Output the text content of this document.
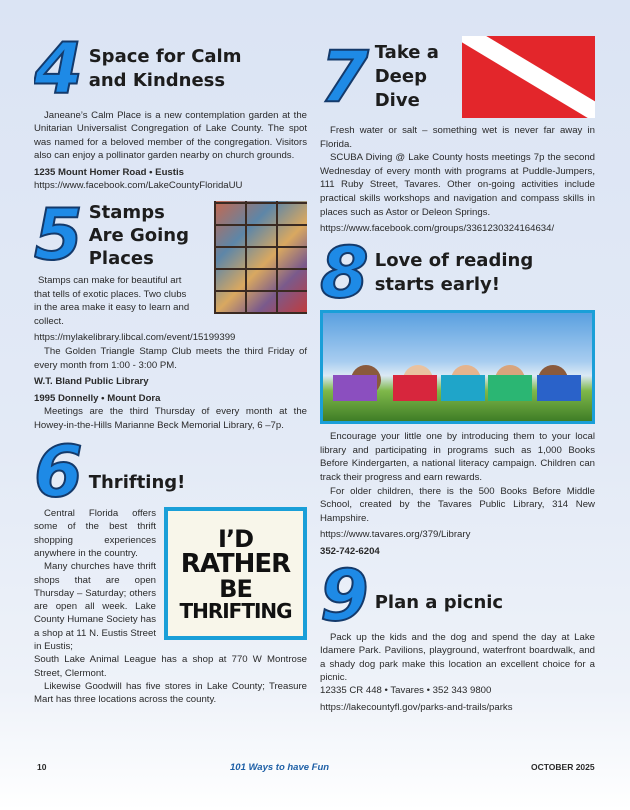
4 Space for Calm
and Kindness

Janeane’s Calm Place is a new contemplation garden at the Unitarian Universalist Congregation of Lake County. The spot was named for a beloved member of the congregation. Visitors also can enjoy a pollinator garden nearby on church grounds.

1235 Mount Homer Road • Eustis

https://www.facebook.com/LakeCountyFloridaUU

5 Stamps
Are Going
Places

Stamps can make for beautiful art

that tells of exotic places. Two clubs

in the area make it easy to learn and collect.

https://mylakelibrary.libcal.com/event/15199399

The Golden Triangle Stamp Club meets the third Friday of every month from 1:00 - 3:00 PM.

W.T. Bland Public Library

1995 Donnelly • Mount Dora

Meetings are the third Thursday of every month at the Howey-in-the-Hills Marianne Beck Memorial Library, 6 –7p.

6 Thrifting!
I’D
RATHER
BE
THRIFTING

Central Florida offers some of the best thrift shopping experiences anywhere in the country.

Many churches have thrift shops that are open Thursday – Saturday; others are open all week. Lake County Humane Society has a shop at 11 N. Eustis Street in Eustis;

South Lake Animal League has a shop at 770 W Montrose Street, Clermont.

Likewise Goodwill has five stores in Lake County; Treasure Mart has three locations across the county.

7 Take a
Deep Dive

Fresh water or salt – something wet is never far away in Florida.

SCUBA Diving @ Lake County hosts meetings 7p the second Wednesday of every month with programs at Puddle-Jumpers, 111 Ruby Street, Tavares. Other on-going activities include practical skills workshops and navigation and compass skills in places such as Astor or Deleon Springs.

https://www.facebook.com/groups/3361230324164634/

8 Love of reading
starts early!

Encourage your little one by introducing them to your local library and participating in programs such as 1,000 Books Before Kindergarten, a national literacy campaign. Children can track their progress and earn rewards.

For older children, there is the 500 Books Before Middle School, created by the Tavares Public Library, 314 New Hampshire.

https://www.tavares.org/379/Library

352-742-6204

9 Plan a picnic

Pack up the kids and the dog and spend the day at Lake Idamere Park. Pavilions, playground, waterfront boardwalk, and a shady dog park make this location an excellent choice for a picnic.

12335 CR 448 • Tavares • 352 343 9800

https://lakecountyfl.gov/parks-and-trails/parks

10	101 Ways to have Fun	OCTOBER 2025
